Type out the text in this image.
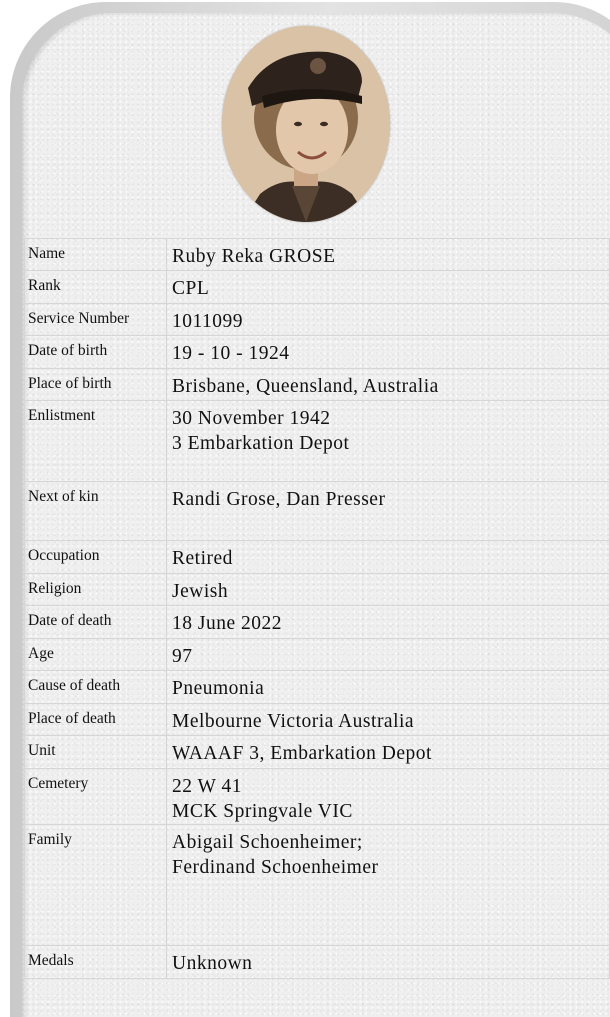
Name	Ruby Reka GROSE

Rank	CPL

Service Number	1011099

Date of birth	19 - 10 - 1924

Place of birth	Brisbane, Queensland, Australia

Enlistment	30 November 1942
3 Embarkation Depot

Next of kin	Randi Grose, Dan Presser

Occupation	Retired

Religion	Jewish

Date of death	18 June 2022

Age	97

Cause of death	Pneumonia

Place of death	Melbourne Victoria Australia

Unit	WAAAF 3, Embarkation Depot

Cemetery	22 W 41
MCK Springvale VIC

Family	Abigail Schoenheimer;
Ferdinand Schoenheimer

Medals	Unknown
